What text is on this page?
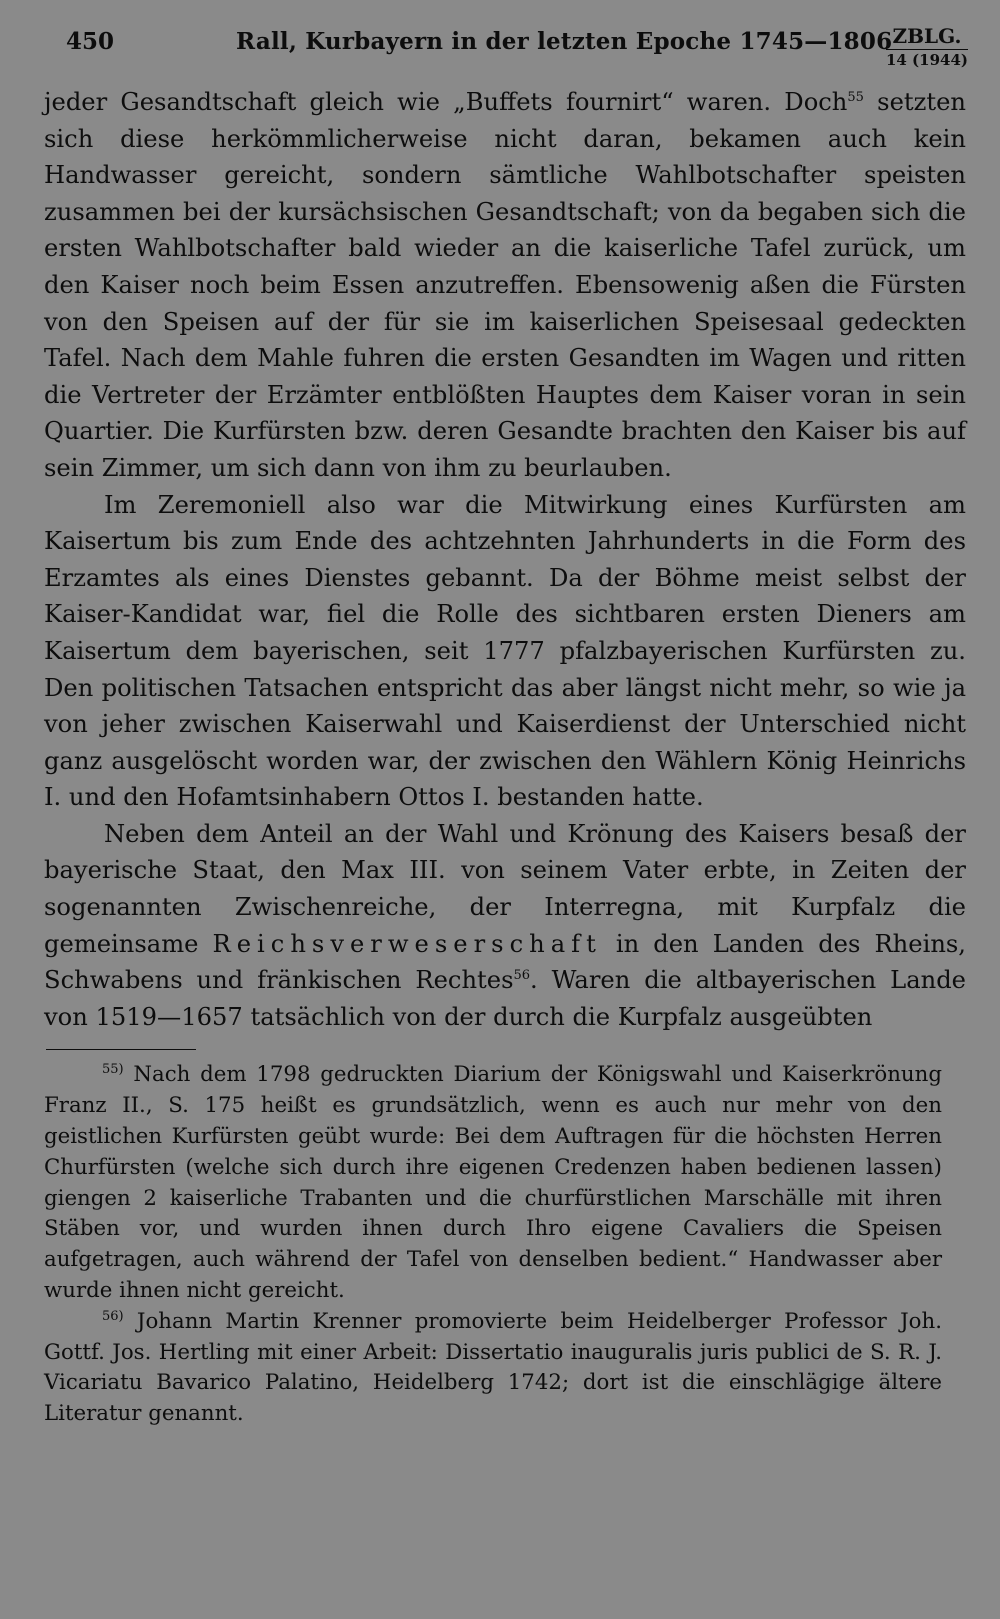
450	Rall, Kurbayern in der letzten Epoche 1745—1806 ZBLG.
14 (1944)

jeder Gesandtschaft gleich wie „Buffets fournirt“ waren. Doch$^{55}$ setzten sich diese herkömmlicherweise nicht daran, bekamen auch kein Handwasser gereicht, sondern sämtliche Wahlbotschafter speisten zusammen bei der kursächsischen Gesandtschaft; von da begaben sich die ersten Wahlbotschafter bald wieder an die kaiserliche Tafel zurück, um den Kaiser noch beim Essen anzutreffen. Ebensowenig aßen die Fürsten von den Speisen auf der für sie im kaiserlichen Speisesaal gedeckten Tafel. Nach dem Mahle fuhren die ersten Gesandten im Wagen und ritten die Vertreter der Erzämter entblößten Hauptes dem Kaiser voran in sein Quartier. Die Kurfürsten bzw. deren Gesandte brachten den Kaiser bis auf sein Zimmer, um sich dann von ihm zu beurlauben.

Im Zeremoniell also war die Mitwirkung eines Kurfürsten am Kaisertum bis zum Ende des achtzehnten Jahrhunderts in die Form des Erzamtes als eines Dienstes gebannt. Da der Böhme meist selbst der Kaiser-Kandidat war, fiel die Rolle des sichtbaren ersten Dieners am Kaisertum dem bayerischen, seit 1777 pfalzbayerischen Kurfürsten zu. Den politischen Tatsachen entspricht das aber längst nicht mehr, so wie ja von jeher zwischen Kaiserwahl und Kaiserdienst der Unterschied nicht ganz ausgelöscht worden war, der zwischen den Wählern König Heinrichs I. und den Hofamtsinhabern Ottos I. bestanden hatte.

Neben dem Anteil an der Wahl und Krönung des Kaisers besaß der bayerische Staat, den Max III. von seinem Vater erbte, in Zeiten der sogenannten Zwischenreiche, der Interregna, mit Kurpfalz die gemeinsame Reichsverweserschaft in den Landen des Rheins, Schwabens und fränkischen Rechtes$^{56}$. Waren die altbayerischen Lande von 1519—1657 tatsächlich von der durch die Kurpfalz ausgeübten

$^{55)}$ Nach dem 1798 gedruckten Diarium der Königswahl und Kaiserkrönung Franz II., S. 175 heißt es grundsätzlich, wenn es auch nur mehr von den geistlichen Kurfürsten geübt wurde: Bei dem Auftragen für die höchsten Herren Churfürsten (welche sich durch ihre eigenen Credenzen haben bedienen lassen) giengen 2 kaiserliche Trabanten und die churfürstlichen Marschälle mit ihren Stäben vor, und wurden ihnen durch Ihro eigene Cavaliers die Speisen aufgetragen, auch während der Tafel von denselben bedient.“ Handwasser aber wurde ihnen nicht gereicht.

$^{56)}$ Johann Martin Krenner promovierte beim Heidelberger Professor Joh. Gottf. Jos. Hertling mit einer Arbeit: Dissertatio inauguralis juris publici de S. R. J. Vicariatu Bavarico Palatino, Heidelberg 1742; dort ist die einschlägige ältere Literatur genannt.
